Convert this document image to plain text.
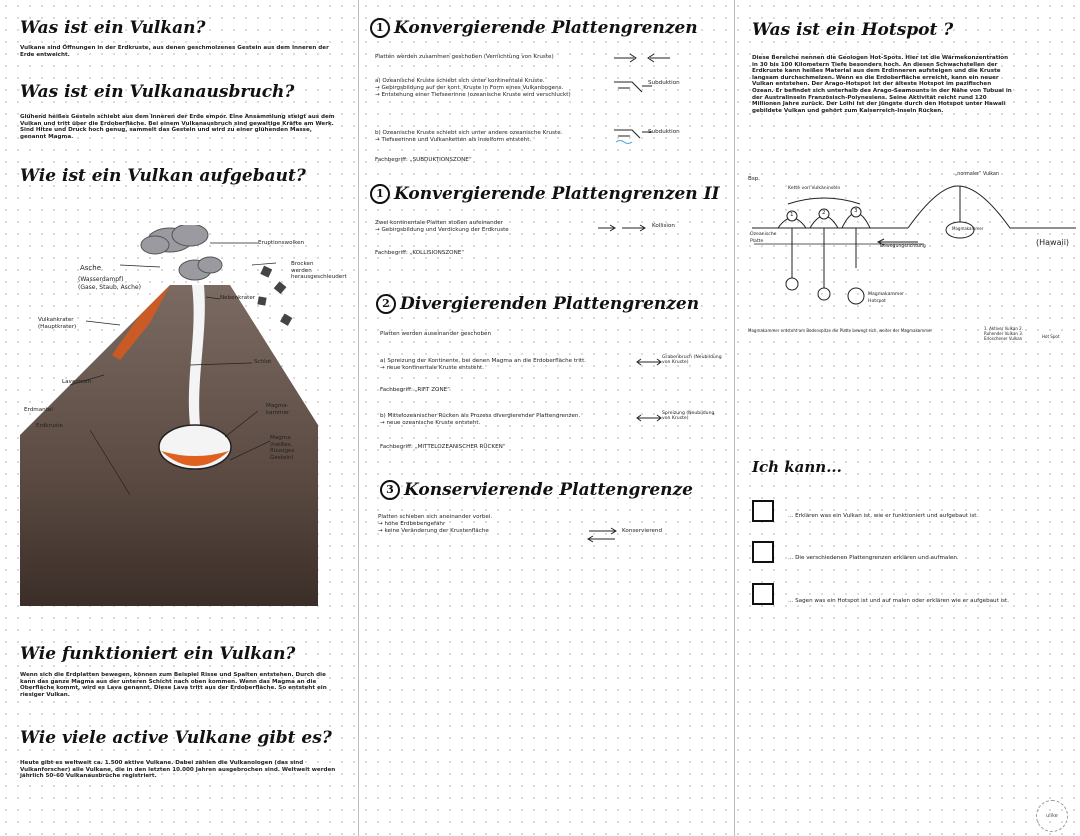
Was ist ein Vulkan?
Vulkane sind Öffnungen in der Erdkruste, aus denen geschmolzenes Gestein aus dem Inneren der Erde entweicht.
Was ist ein Vulkanausbruch?
Glühend heißes Gestein schiebt aus dem Inneren der Erde empor. Eine Ansammlung steigt aus dem Vulkan und tritt über die Erdoberfläche. Bei einem Vulkanausbruch sind gewaltige Kräfte am Werk. Sind Hitze und Druck hoch genug, sammelt das Gestein und wird zu einer glühenden Masse, genannt Magma.
Wie ist ein Vulkan aufgebaut?
Eruptionswolken
Asche
(Wasserdampf)
(Gase, Staub, Asche)
Brocken werden herausgeschleudert
Nebenkrater
Vulkankrater (Hauptkrater)
Schlot
Lavastrom
Erdmantel
Magma-kammer
Magma (heißes, flüssiges Gestein)
Erdkruste
Wie funktioniert ein Vulkan?
Wenn sich die Erdplatten bewegen, können zum Beispiel Risse und Spalten entstehen. Durch die kann das ganze Magma aus der unteren Schicht nach oben kommen. Wenn das Magma an die Oberfläche kommt, wird es Lava genannt. Diese Lava tritt aus der Erdoberfläche. So entsteht ein riesiger Vulkan.
Wie viele active Vulkane gibt es?
Heute gibt es weltweit ca. 1.500 aktive Vulkane. Dabei zählen die Vulkanologen (das sind Vulkanforscher) alle Vulkane, die in den letzten 10.000 Jahren ausgebrochen sind. Weltweit werden jährlich 50–60 Vulkanausbrüche registriert.
1 Konvergierende Plattengrenzen
Platten werden zusammen geschoben (Vernichtung von Kruste)

a) Ozeanische Kruste schiebt sich unter kontinentale Kruste.

→ Gebirgsbildung auf der kont. Kruste in Form eines Vulkanbogens.

→ Entstehung einer Tiefseerinne (ozeanische Kruste wird verschluckt)

Subduktion

b) Ozeanische Kruste schiebt sich unter andere ozeanische Kruste.

→ Tiefseerinne und Vulkanketten als Inselform entsteht.

Subduktion
Fachbegriff: „SUBDUKTIONSZONE“
1 Konvergierende Plattengrenzen II

Zwei kontinentale Platten stoßen aufeinander

→ Gebirgsbildung und Verdickung der Erdkruste

Kollision
Fachbegriff: „KOLLISIONSZONE“
2 Divergierenden Plattengrenzen
Platten werden auseinander geschoben

a) Spreizung der Kontinente, bei denen Magma an die Erdoberfläche tritt.

→ neue kontinentale Kruste entsteht.

Grabenbruch (Neubildung von Kruste)
Fachbegriff: „RIFT ZONE“

b) Mittelozeanischer Rücken als Prozess divergierender Plattengrenzen.

→ neue ozeanische Kruste entsteht.

Spreizung (Neubildung von Kruste)
Fachbegriff: „MITTELOZEANISCHER RÜCKEN“
3 Konservierende Plattengrenze

Platten schieben sich aneinander vorbei.

→ hohe Erdbebengefahr

→ keine Veränderung der Krustenfläche	Konservierend
Was ist ein Hotspot ?
Diese Bereiche nennen die Geologen Hot-Spots. Hier ist die Wärmekonzentration in 30 bis 100 Kilometern Tiefe besonders hoch. An diesen Schwachstellen der Erdkruste kann heißes Material aus dem Erdinneren aufsteigen und die Kruste langsam durchschmelzen. Wenn es die Erdoberfläche erreicht, kann ein neuer Vulkan entstehen. Der Arago-Hotspot ist der älteste Hotspot im pazifischen Ozean. Er befindet sich unterhalb des Arago-Seamounts in der Nähe von Tubuai in der Australinseln Französisch-Polynesiens. Seine Aktivität reicht rund 120 Millionen Jahre zurück. Der Loihi ist der jüngste durch den Hotspot unter Hawaii gebildete Vulkan und gehört zum Kaiserreich-Inseln Rücken.
Bsp.
Kette von Vulkaninseln
„normaler“ Vulkan
Ozeanische Platte
Bewegungsrichtung	(Hawaii)
Magmakammer
Magmakammer Hotspot
1	2	3
Magmakammer entsteht am Bodenspitze die Platte bewegt sich, weiter der Magmakammer	1. Aktiver Vulkan 2. Ruhender Vulkan 3. Erloschener Vulkan	Hot Spot
Ich kann...
... Erklären was ein Vulkan ist, wie er funktioniert und aufgebaut ist.
... Die verschiedenen Plattengrenzen erklären und aufmalen.
... Sagen was ein Hotspot ist und auf malen oder erklären wie er aufgebaut ist.
ulike
